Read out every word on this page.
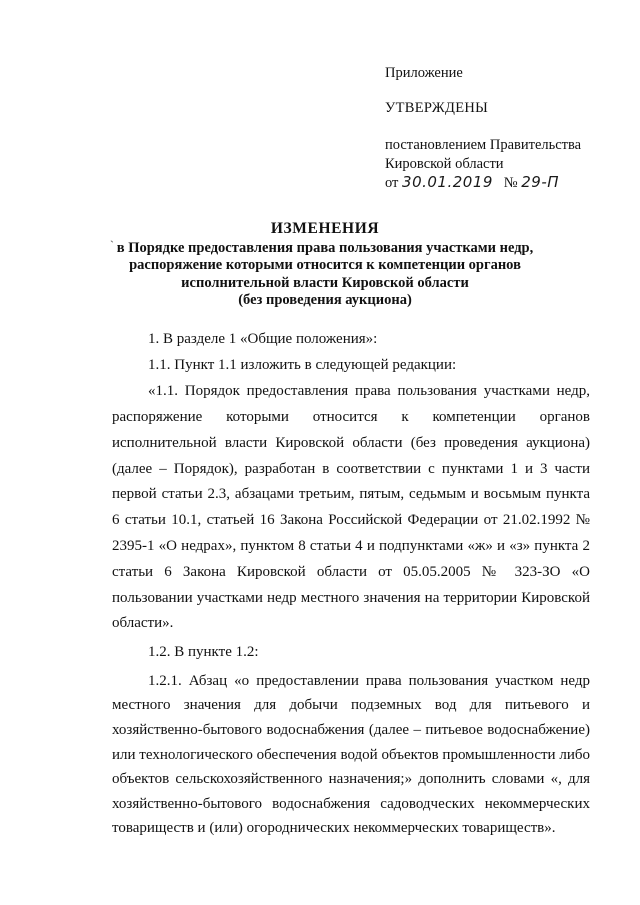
Приложение
УТВЕРЖДЕНЫ
постановлением Правительства
Кировской области
от 30.01.2019 № 29-П
ИЗМЕНЕНИЯ
в Порядке предоставления права пользования участками недр,
распоряжение которыми относится к компетенции органов
исполнительной власти Кировской области
(без проведения аукциона)
`

1. В разделе 1 «Общие положения»:

1.1. Пункт 1.1 изложить в следующей редакции:

«1.1. Порядок предоставления права пользования участками недр, распоряжение которыми относится к компетенции органов исполнительной власти Кировской области (без проведения аукциона) (далее – Порядок), разработан в соответствии с пунктами 1 и 3 части первой статьи 2.3, абзацами третьим, пятым, седьмым и восьмым пункта 6 статьи 10.1, статьей 16 Закона Российской Федерации от 21.02.1992 № 2395-1 «О недрах», пунктом 8 статьи 4 и подпунктами «ж» и «з» пункта 2 статьи 6 Закона Кировской области от 05.05.2005 № 323-ЗО «О пользовании участками недр местного значения на территории Кировской области».

1.2. В пункте 1.2:

1.2.1. Абзац «о предоставлении права пользования участком недр местного значения для добычи подземных вод для питьевого и хозяйственно-бытового водоснабжения (далее – питьевое водоснабжение) или технологического обеспечения водой объектов промышленности либо объектов сельскохозяйственного назначения;» дополнить словами «, для хозяйственно-бытового водоснабжения садоводческих некоммерческих товариществ и (или) огороднических некоммерческих товариществ».
